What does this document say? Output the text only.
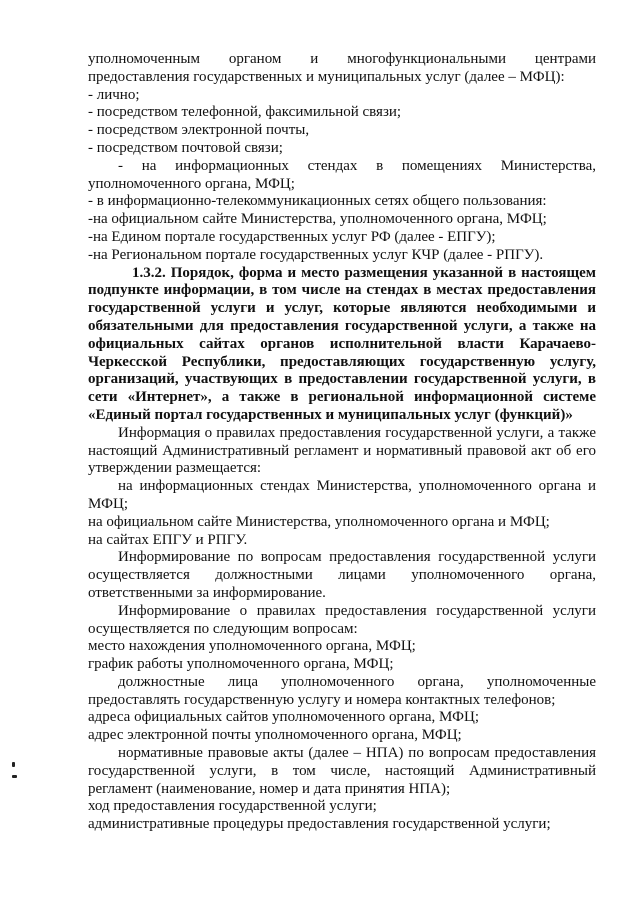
уполномоченным органом и многофункциональными центрами предоставления государственных и муниципальных услуг (далее – МФЦ):

- лично;

- посредством телефонной, факсимильной связи;

- посредством электронной почты,

- посредством почтовой связи;

- на информационных стендах в помещениях Министерства, уполномоченного органа, МФЦ;

- в информационно-телекоммуникационных сетях общего пользования:

-на официальном сайте Министерства, уполномоченного органа, МФЦ;

-на Едином портале государственных услуг РФ (далее - ЕПГУ);

-на Региональном портале государственных услуг КЧР (далее - РПГУ).

1.3.2. Порядок, форма и место размещения указанной в настоящем подпункте информации, в том числе на стендах в местах предоставления государственной услуги и услуг, которые являются необходимыми и обязательными для предоставления государственной услуги, а также на официальных сайтах органов исполнительной власти Карачаево-Черкесской Республики, предоставляющих государственную услугу, организаций, участвующих в предоставлении государственной услуги, в сети «Интернет», а также в региональной информационной системе «Единый портал государственных и муниципальных услуг (функций)»

Информация о правилах предоставления государственной услуги, а также настоящий Административный регламент и нормативный правовой акт об его утверждении размещается:

на информационных стендах Министерства, уполномоченного органа и МФЦ;

на официальном сайте Министерства, уполномоченного органа и МФЦ;

на сайтах ЕПГУ и РПГУ.

Информирование по вопросам предоставления государственной услуги осуществляется должностными лицами уполномоченного органа, ответственными за информирование.

Информирование о правилах предоставления государственной услуги осуществляется по следующим вопросам:

место нахождения уполномоченного органа, МФЦ;

график работы уполномоченного органа, МФЦ;

должностные лица уполномоченного органа, уполномоченные предоставлять государственную услугу и номера контактных телефонов;

адреса официальных сайтов уполномоченного органа, МФЦ;

адрес электронной почты уполномоченного органа, МФЦ;

нормативные правовые акты (далее – НПА) по вопросам предоставления государственной услуги, в том числе, настоящий Административный регламент (наименование, номер и дата принятия НПА);

ход предоставления государственной услуги;

административные процедуры предоставления государственной услуги;
